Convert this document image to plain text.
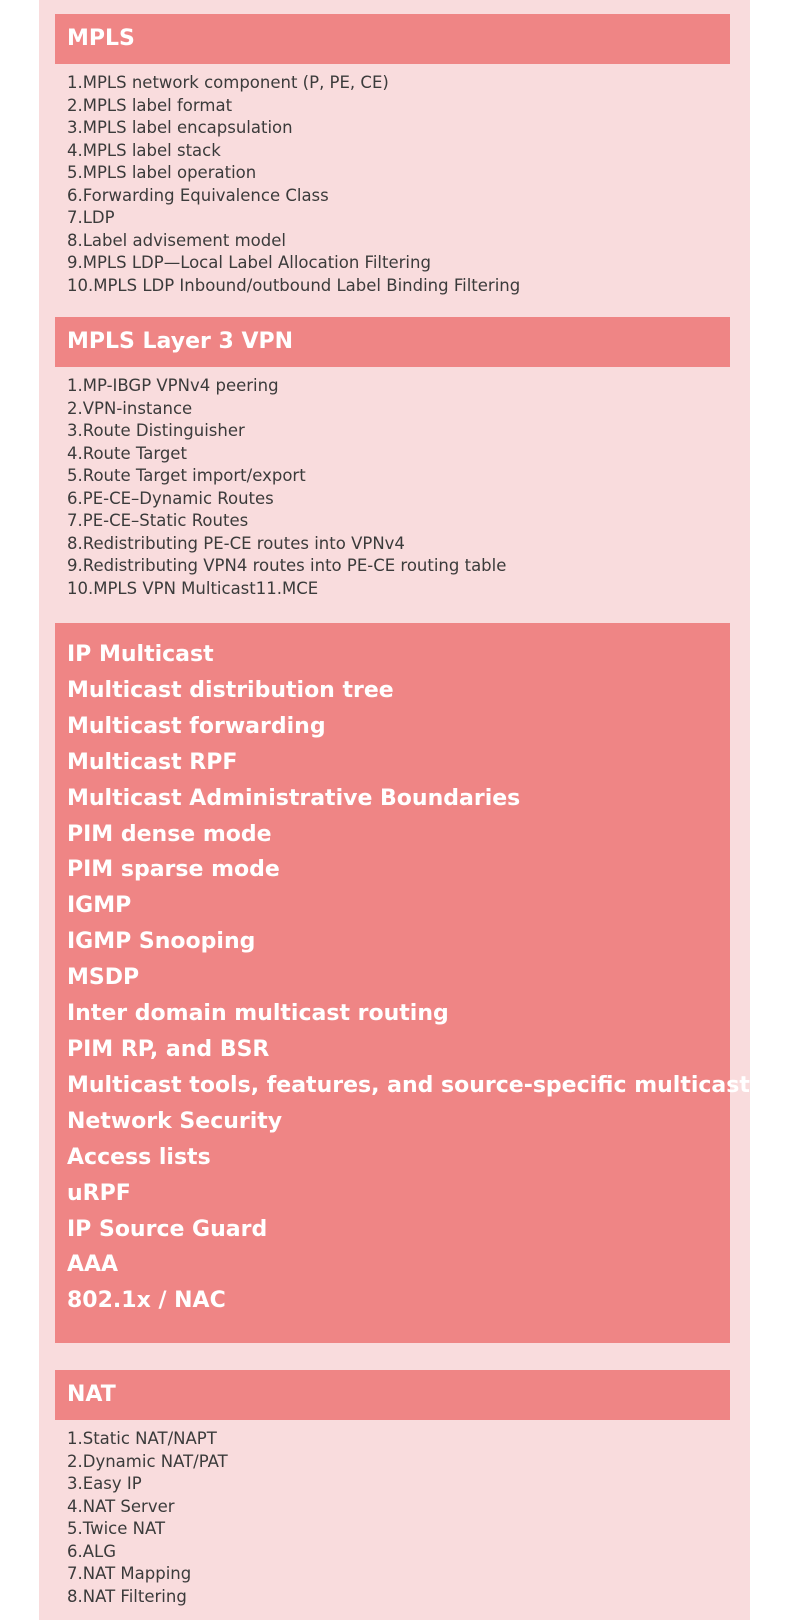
MPLS
1.MPLS network component (P, PE, CE)
2.MPLS label format
3.MPLS label encapsulation
4.MPLS label stack
5.MPLS label operation
6.Forwarding Equivalence Class
7.LDP
8.Label advisement model
9.MPLS LDP—Local Label Allocation Filtering
10.MPLS LDP Inbound/outbound Label Binding Filtering
MPLS Layer 3 VPN
1.MP-IBGP VPNv4 peering
2.VPN-instance
3.Route Distinguisher
4.Route Target
5.Route Target import/export
6.PE-CE–Dynamic Routes
7.PE-CE–Static Routes
8.Redistributing PE-CE routes into VPNv4
9.Redistributing VPN4 routes into PE-CE routing table
10.MPLS VPN Multicast11.MCE
IP Multicast
Multicast distribution tree
Multicast forwarding
Multicast RPF
Multicast Administrative Boundaries
PIM dense mode
PIM sparse mode
IGMP
IGMP Snooping
MSDP
Inter domain multicast routing
PIM RP, and BSR
Multicast tools, features, and source-specific multicast
Network Security
Access lists
uRPF
IP Source Guard
AAA
802.1x / NAC
NAT
1.Static NAT/NAPT
2.Dynamic NAT/PAT
3.Easy IP
4.NAT Server
5.Twice NAT
6.ALG
7.NAT Mapping
8.NAT Filtering
